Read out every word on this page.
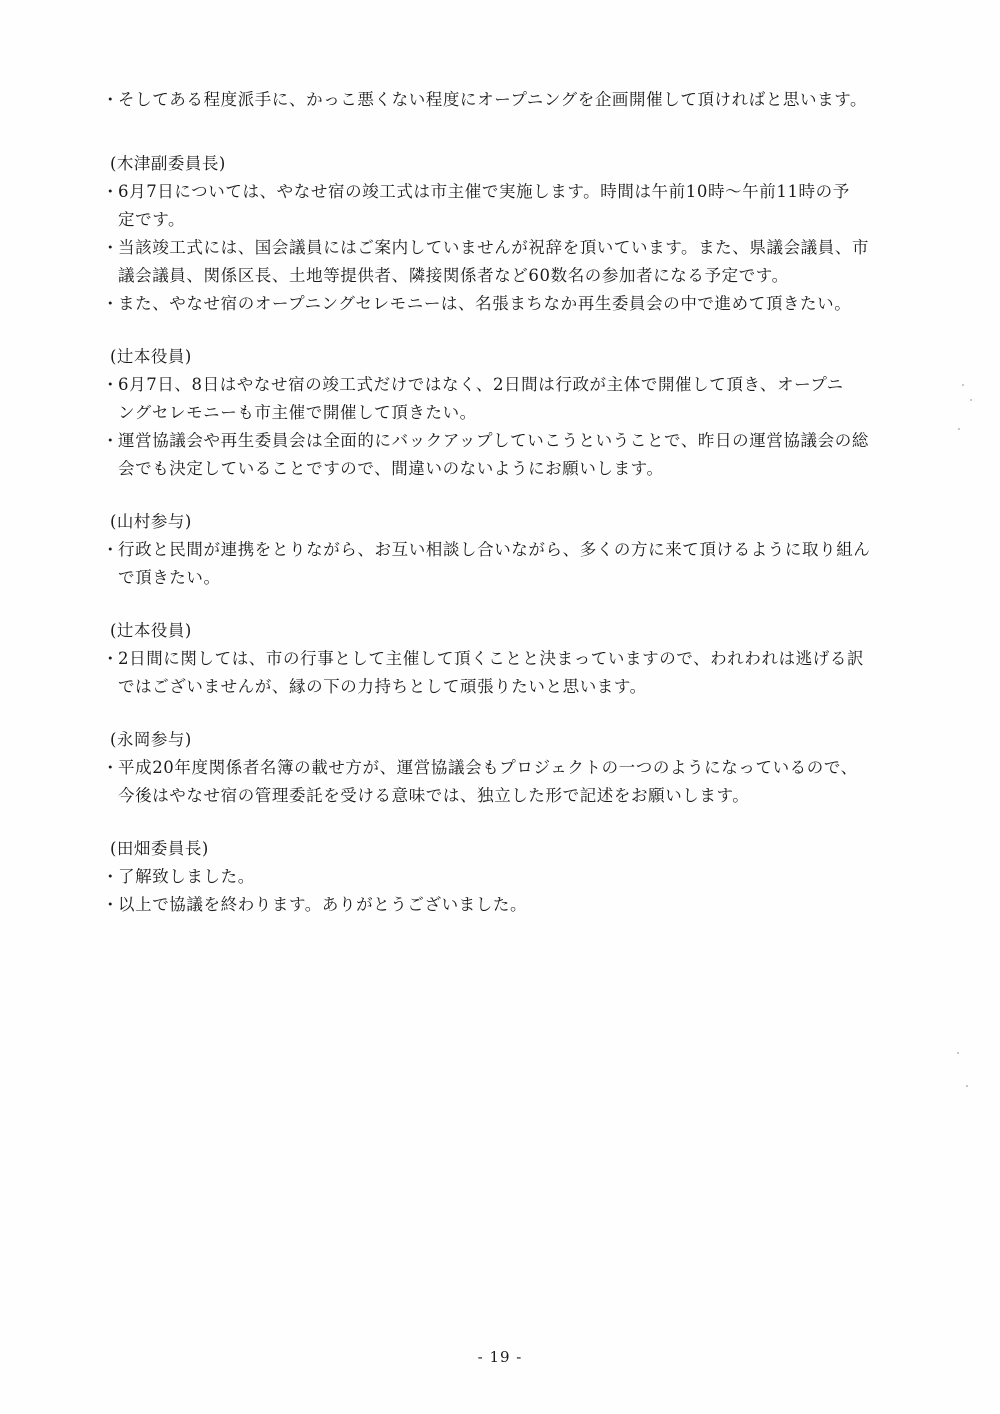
・
そしてある程度派手に、かっこ悪くない程度にオープニングを企画開催して頂ければと思います。
(木津副委員長)
・
6月7日については、やなせ宿の竣工式は市主催で実施します。時間は午前10時～午前11時の予
定です。
・
当該竣工式には、国会議員にはご案内していませんが祝辞を頂いています。また、県議会議員、市
議会議員、関係区長、土地等提供者、隣接関係者など60数名の参加者になる予定です。
・
また、やなせ宿のオープニングセレモニーは、名張まちなか再生委員会の中で進めて頂きたい。
(辻本役員)
・
6月7日、8日はやなせ宿の竣工式だけではなく、2日間は行政が主体で開催して頂き、オープニ
ングセレモニーも市主催で開催して頂きたい。
・
運営協議会や再生委員会は全面的にバックアップしていこうということで、昨日の運営協議会の総
会でも決定していることですので、間違いのないようにお願いします。
(山村参与)
・
行政と民間が連携をとりながら、お互い相談し合いながら、多くの方に来て頂けるように取り組ん
で頂きたい。
(辻本役員)
・
2日間に関しては、市の行事として主催して頂くことと決まっていますので、われわれは逃げる訳
ではございませんが、縁の下の力持ちとして頑張りたいと思います。
(永岡参与)
・
平成20年度関係者名簿の載せ方が、運営協議会もプロジェクトの一つのようになっているので、
今後はやなせ宿の管理委託を受ける意味では、独立した形で記述をお願いします。
(田畑委員長)
・
了解致しました。
・
以上で協議を終わります。ありがとうございました。
- 19 -
